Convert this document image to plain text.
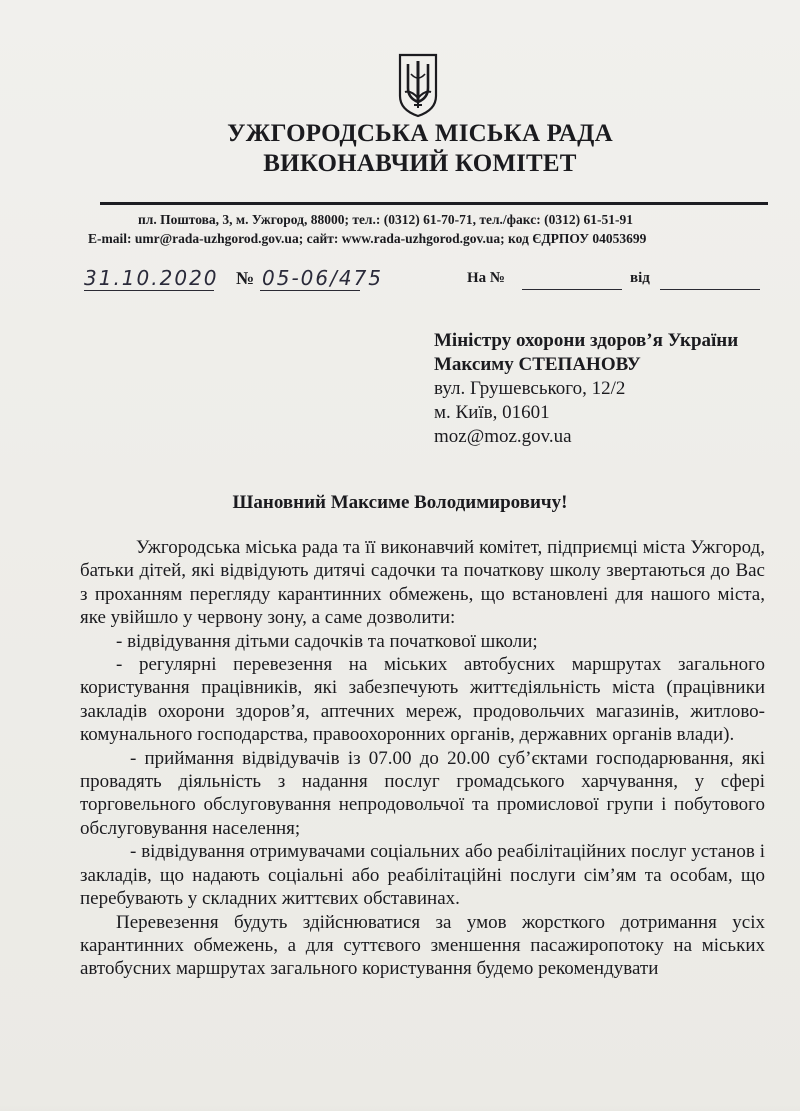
УЖГОРОДСЬКА МІСЬКА РАДА
ВИКОНАВЧИЙ КОМІТЕТ
пл. Поштова, 3, м. Ужгород, 88000; тел.: (0312) 61-70-71, тел./факс: (0312) 61-51-91
E-mail: umr@rada-uzhgorod.gov.ua; сайт: www.rada-uzhgorod.gov.ua; код ЄДРПОУ 04053699
31.10.2020 № 05-06/475	На №	від
Міністру охорони здоров’я України
Максиму СТЕПАНОВУ
вул. Грушевського, 12/2
м. Київ, 01601
moz@moz.gov.ua
Шановний Максиме Володимировичу!

Ужгородська міська рада та її виконавчий комітет, підприємці міста Ужгород, батьки дітей, які відвідують дитячі садочки та початкову школу звертаються до Вас з проханням перегляду карантинних обмежень, що встановлені для нашого міста, яке увійшло у червону зону, а саме дозволити:

- відвідування дітьми садочків та початкової школи;

- регулярні перевезення на міських автобусних маршрутах загального користування працівників, які забезпечують життєдіяльність міста (працівники закладів охорони здоров’я, аптечних мереж, продовольчих магазинів, житлово-комунального господарства, правоохоронних органів, державних органів влади).

- приймання відвідувачів із 07.00 до 20.00 суб’єктами господарювання, які провадять діяльність з надання послуг громадського харчування, у сфері торговельного обслуговування непродовольчої та промислової групи і побутового обслуговування населення;

- відвідування отримувачами соціальних або реабілітаційних послуг установ і закладів, що надають соціальні або реабілітаційні послуги сім’ям та особам, що перебувають у складних життєвих обставинах.

Перевезення будуть здійснюватися за умов жорсткого дотримання усіх карантинних обмежень, а для суттєвого зменшення пасажиропотоку на міських автобусних маршрутах загального користування будемо рекомендувати
